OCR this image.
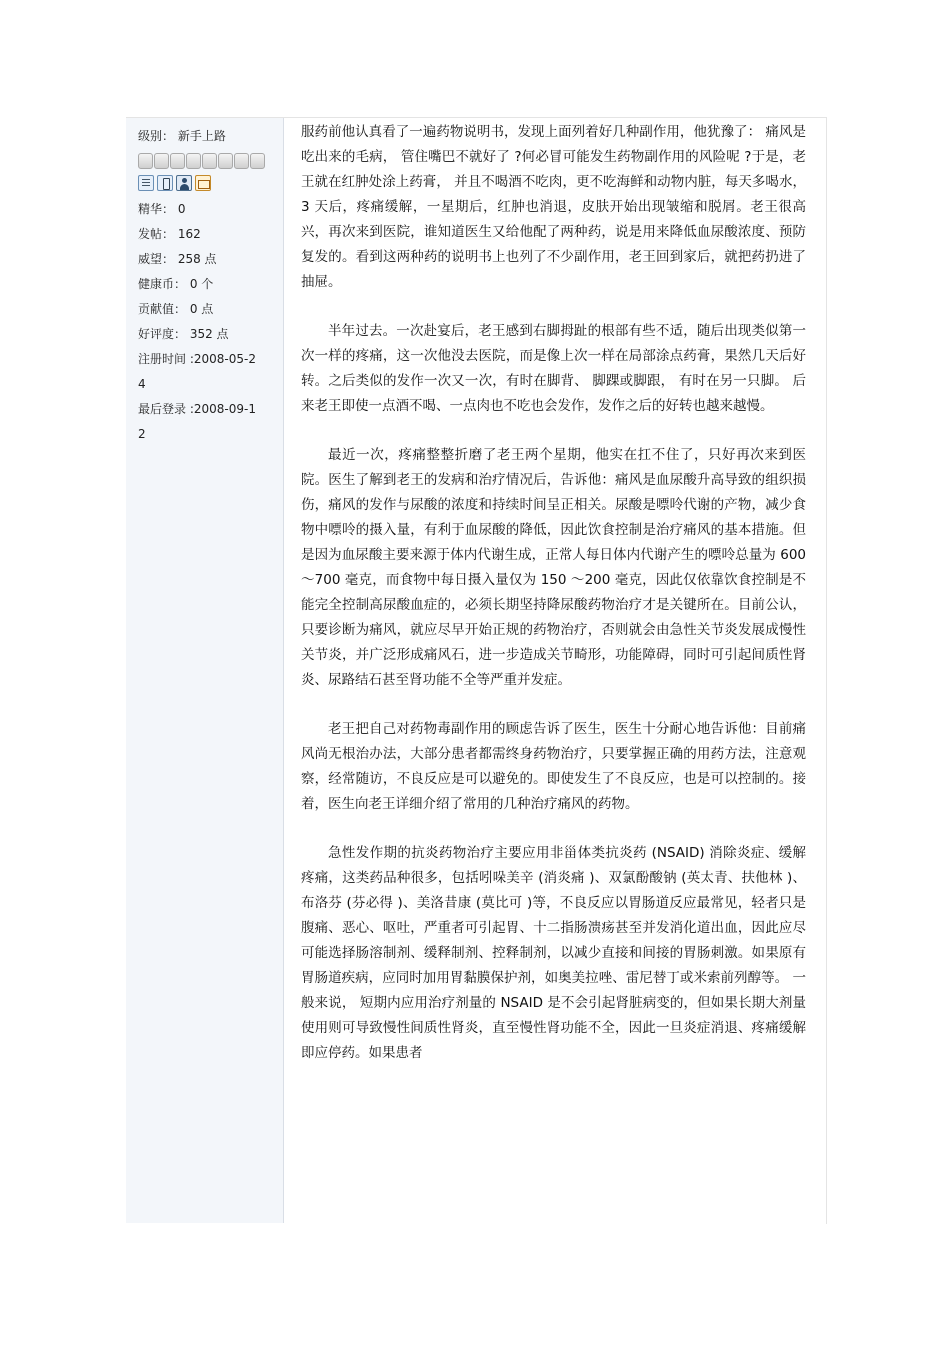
级别： 新手上路
精华： 0
发帖： 162
威望： 258 点
健康币： 0 个
贡献值： 0 点
好评度： 352 点
注册时间 :2008-05-2
4
最后登录 :2008-09-1
2

服药前他认真看了一遍药物说明书，发现上面列着好几种副作用，他犹豫了： 痛风是吃出来的毛病， 管住嘴巴不就好了 ?何必冒可能发生药物副作用的风险呢 ?于是，老王就在红肿处涂上药膏， 并且不喝酒不吃肉，更不吃海鲜和动物内脏，每天多喝水， 3 天后，疼痛缓解，一星期后，红肿也消退，皮肤开始出现皱缩和脱屑。老王很高兴，再次来到医院，谁知道医生又给他配了两种药，说是用来降低血尿酸浓度、预防复发的。看到这两种药的说明书上也列了不少副作用，老王回到家后，就把药扔进了抽屉。

半年过去。一次赴宴后，老王感到右脚拇趾的根部有些不适，随后出现类似第一次一样的疼痛，这一次他没去医院，而是像上次一样在局部涂点药膏，果然几天后好转。之后类似的发作一次又一次，有时在脚背、 脚踝或脚跟， 有时在另一只脚。 后来老王即使一点酒不喝、一点肉也不吃也会发作，发作之后的好转也越来越慢。

最近一次，疼痛整整折磨了老王两个星期，他实在扛不住了，只好再次来到医院。医生了解到老王的发病和治疗情况后，告诉他：痛风是血尿酸升高导致的组织损伤，痛风的发作与尿酸的浓度和持续时间呈正相关。尿酸是嘌呤代谢的产物，减少食物中嘌呤的摄入量，有利于血尿酸的降低，因此饮食控制是治疗痛风的基本措施。但是因为血尿酸主要来源于体内代谢生成，正常人每日体内代谢产生的嘌呤总量为 600 ～700 毫克，而食物中每日摄入量仅为 150 ～200 毫克，因此仅依靠饮食控制是不能完全控制高尿酸血症的，必须长期坚持降尿酸药物治疗才是关键所在。目前公认，只要诊断为痛风，就应尽早开始正规的药物治疗，否则就会由急性关节炎发展成慢性关节炎，并广泛形成痛风石，进一步造成关节畸形，功能障碍，同时可引起间质性肾炎、尿路结石甚至肾功能不全等严重并发症。

老王把自己对药物毒副作用的顾虑告诉了医生，医生十分耐心地告诉他：目前痛风尚无根治办法，大部分患者都需终身药物治疗，只要掌握正确的用药方法，注意观察，经常随访，不良反应是可以避免的。即使发生了不良反应，也是可以控制的。接着，医生向老王详细介绍了常用的几种治疗痛风的药物。

急性发作期的抗炎药物治疗主要应用非甾体类抗炎药 (NSAID) 消除炎症、缓解疼痛，这类药品种很多，包括吲哚美辛 (消炎痛 )、双氯酚酸钠 (英太青、扶他林 )、布洛芬 (芬必得 )、美洛昔康 (莫比可 )等，不良反应以胃肠道反应最常见，轻者只是腹痛、恶心、呕吐，严重者可引起胃、十二指肠溃疡甚至并发消化道出血，因此应尽可能选择肠溶制剂、缓释制剂、控释制剂，以减少直接和间接的胃肠刺激。如果原有胃肠道疾病，应同时加用胃黏膜保护剂，如奥美拉唑、雷尼替丁或米索前列醇等。 一般来说， 短期内应用治疗剂量的 NSAID 是不会引起肾脏病变的，但如果长期大剂量使用则可导致慢性间质性肾炎，直至慢性肾功能不全，因此一旦炎症消退、疼痛缓解即应停药。如果患者
